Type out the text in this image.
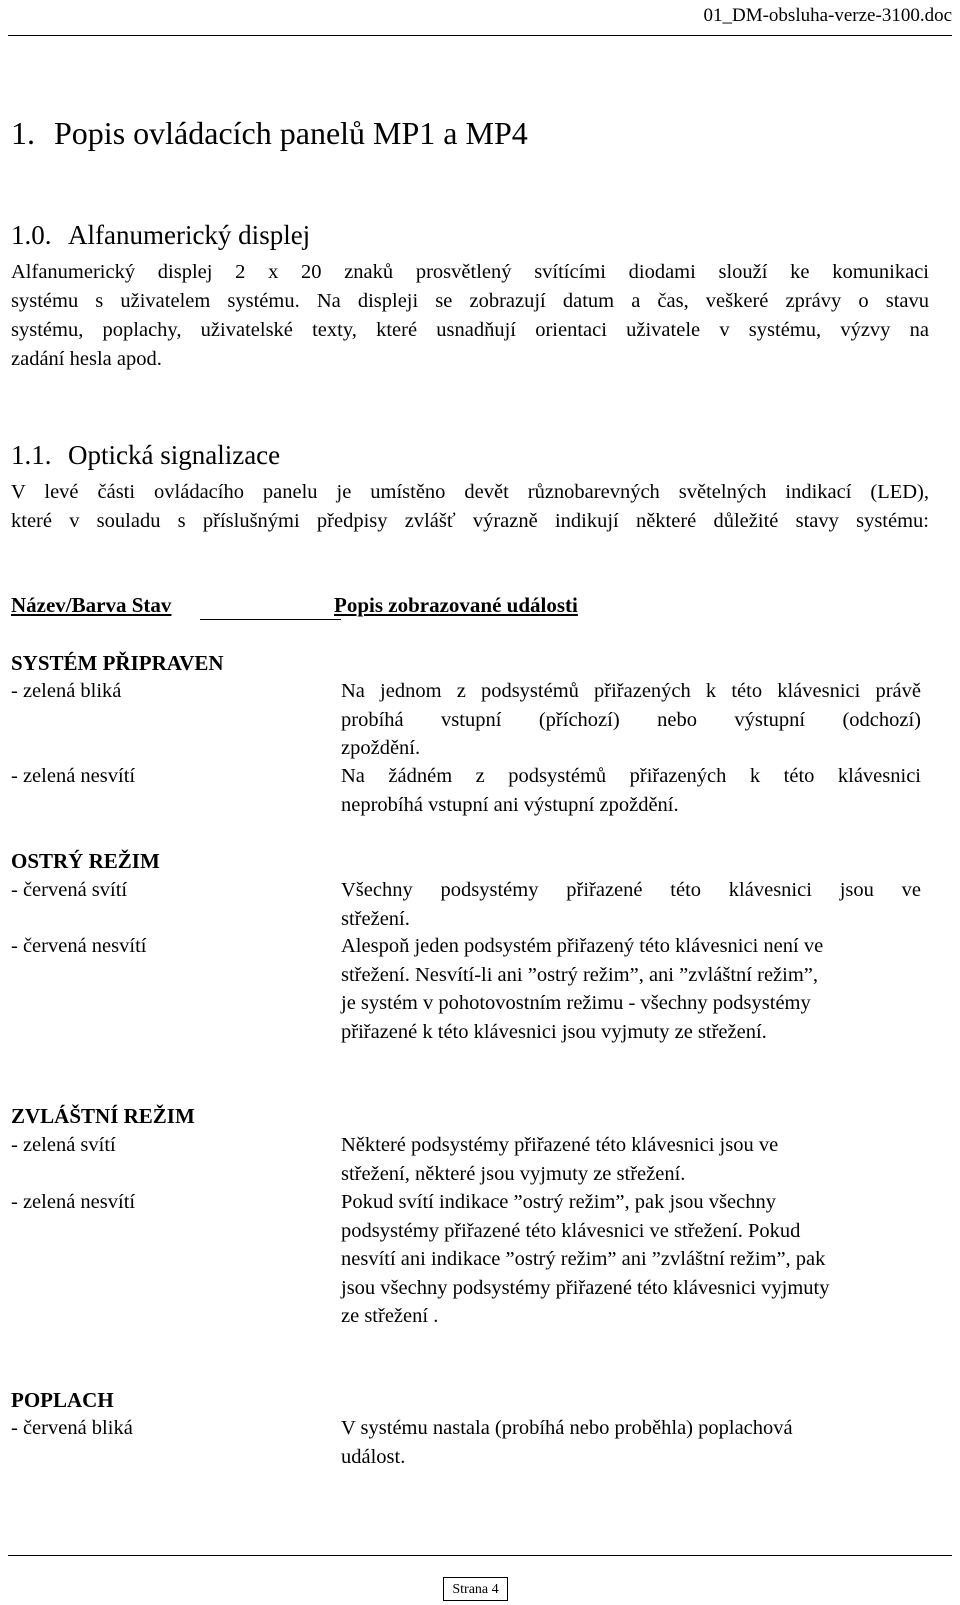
01_DM-obsluha-verze-3100.doc
1. Popis ovládacích panelů MP1 a MP4
1.0. Alfanumerický displej
Alfanumerický displej 2 x 20 znaků prosvětlený svítícími diodami slouží ke komunikaci
systému s uživatelem systému. Na displeji se zobrazují datum a čas, veškeré zprávy o stavu
systému, poplachy, uživatelské texty, které usnadňují orientaci uživatele v systému, výzvy na
zadání hesla apod.
1.1. Optická signalizace
V levé části ovládacího panelu je umístěno devět různobarevných světelných indikací (LED),
které v souladu s příslušnými předpisy zvlášť výrazně indikují některé důležité stavy systému:
Název/Barva Stav	Popis zobrazované události
SYSTÉM PŘIPRAVEN
- zelená bliká	Na jednom z podsystémů přiřazených k této klávesnici právě
probíhá vstupní (příchozí) nebo výstupní (odchozí)
zpoždění.
- zelená nesvítí	Na žádném z podsystémů přiřazených k této klávesnici
neprobíhá vstupní ani výstupní zpoždění.
OSTRÝ REŽIM
- červená svítí	Všechny podsystémy přiřazené této klávesnici jsou ve
střežení.
- červená nesvítí	Alespoň jeden podsystém přiřazený této klávesnici není ve
střežení. Nesvítí-li ani ”ostrý režim”, ani ”zvláštní režim”,
je systém v pohotovostním režimu - všechny podsystémy
přiřazené k této klávesnici jsou vyjmuty ze střežení.
ZVLÁŠTNÍ REŽIM
- zelená svítí	Některé podsystémy přiřazené této klávesnici jsou ve
střežení, některé jsou vyjmuty ze střežení.
- zelená nesvítí	Pokud svítí indikace ”ostrý režim”, pak jsou všechny
podsystémy přiřazené této klávesnici ve střežení. Pokud
nesvítí ani indikace ”ostrý režim” ani ”zvláštní režim”, pak
jsou všechny podsystémy přiřazené této klávesnici vyjmuty
ze střežení .
POPLACH
- červená bliká	V systému nastala (probíhá nebo proběhla) poplachová
událost.
Strana 4
